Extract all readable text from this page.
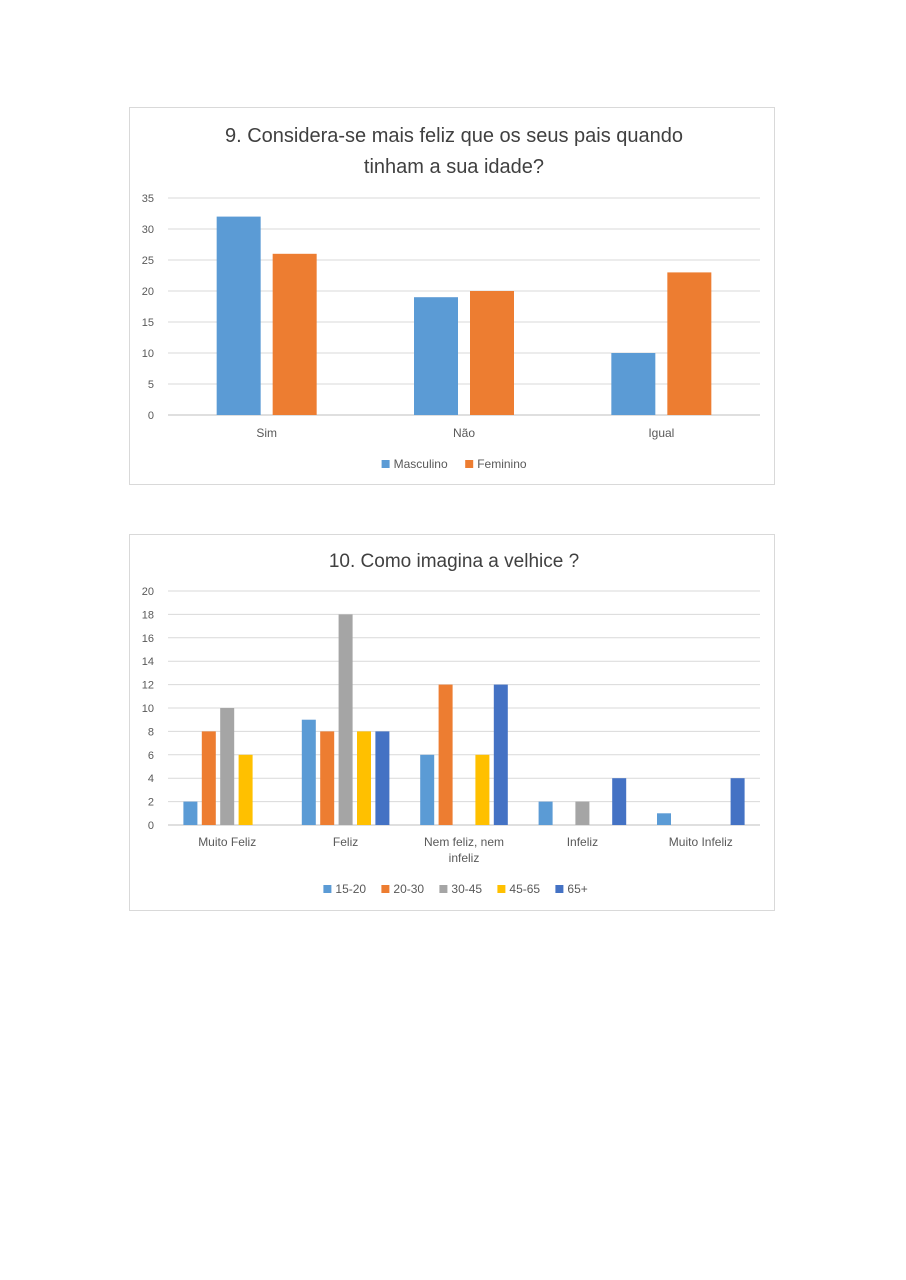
9. Considera-se mais feliz que os seus pais quando
tinham a sua idade?
0
5
10
15
20
25
30
35
Sim	Não	Igual
Masculino Feminino
10. Como imagina a velhice ?
0
2
4
6
8
10
12
14
16
18
20
Muito Feliz	Feliz	Nem feliz, nem
infeliz
Infeliz	Muito Infeliz
15-20 20-30 30-45 45-65 65+
